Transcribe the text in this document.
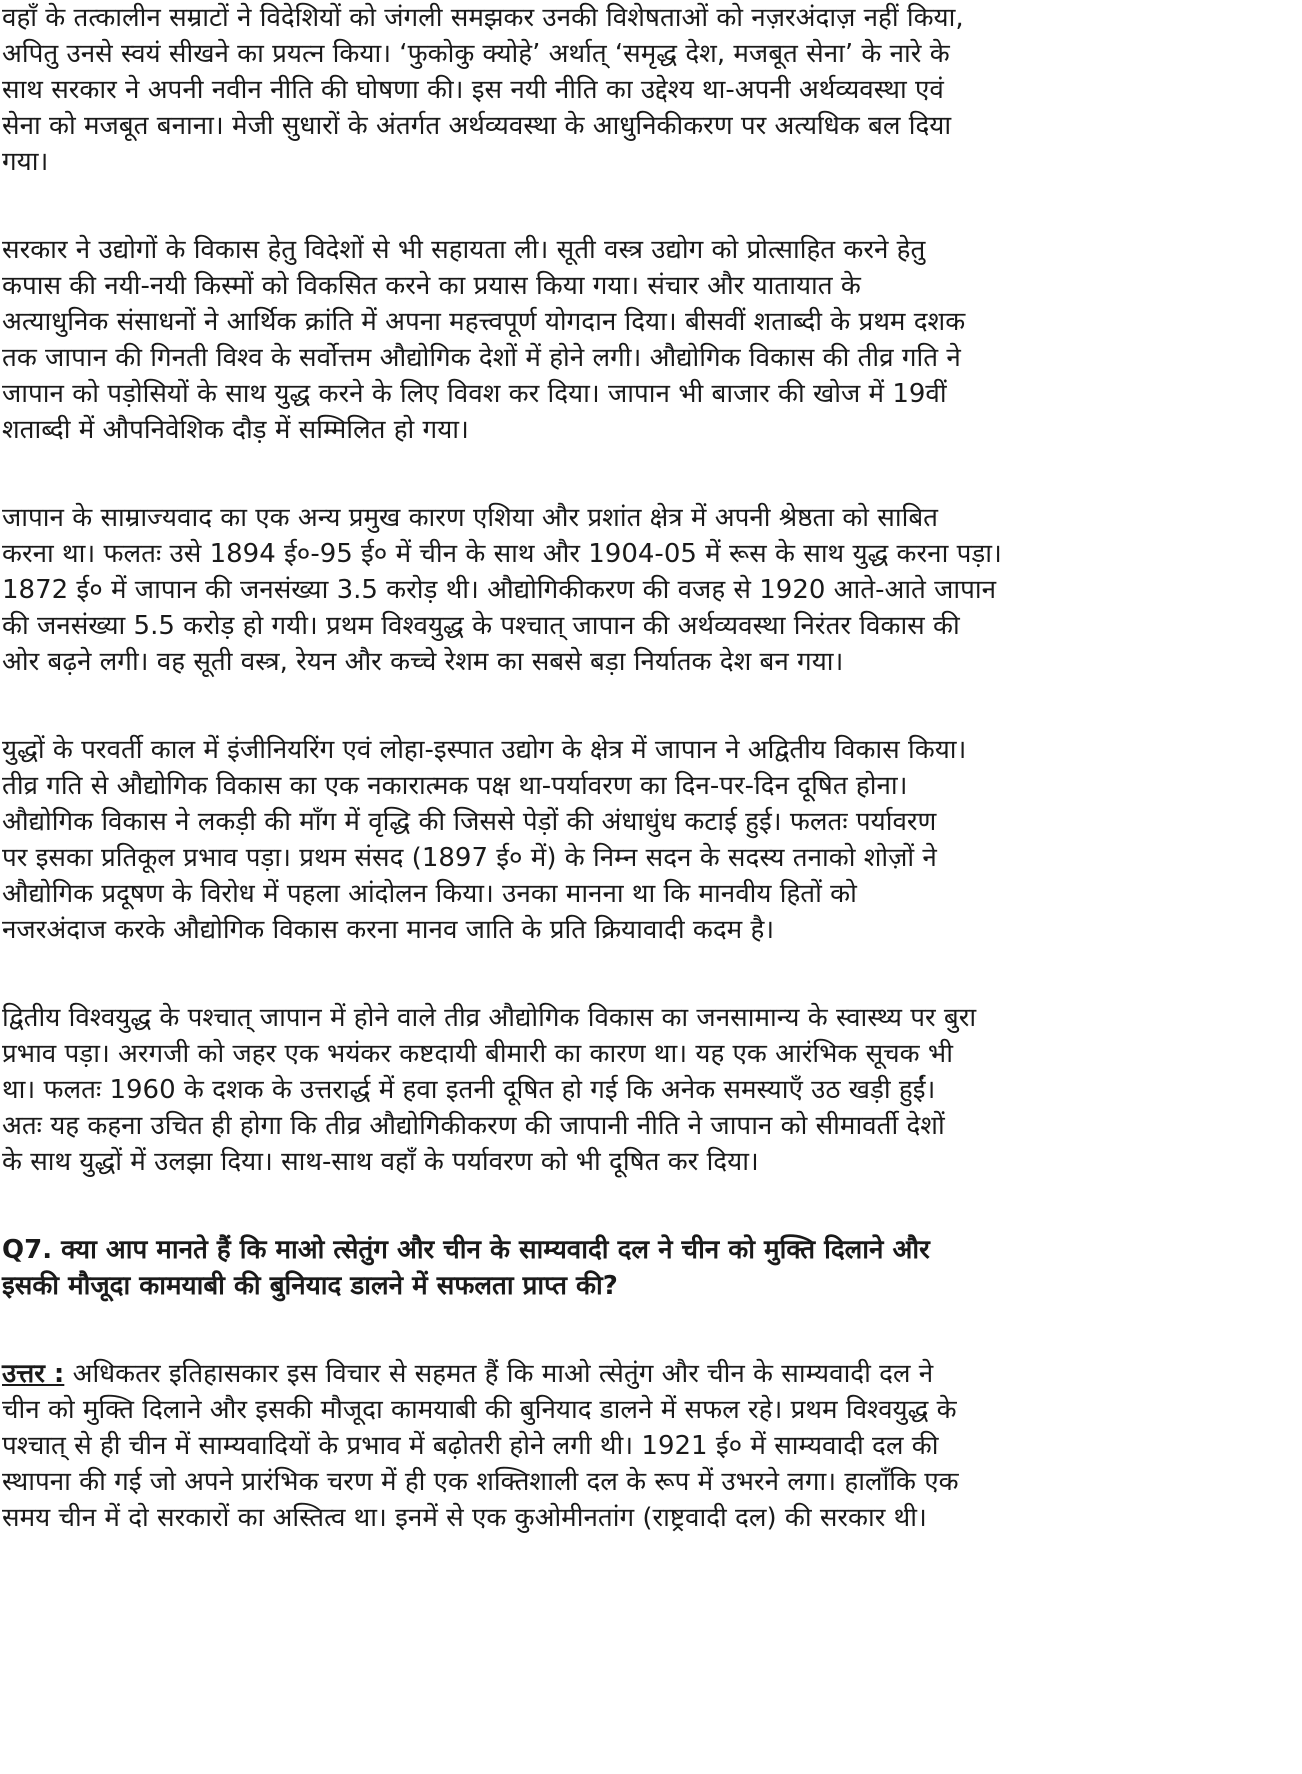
वहाँ के तत्कालीन सम्राटों ने विदेशियों को जंगली समझकर उनकी विशेषताओं को नज़रअंदाज़ नहीं किया,
अपितु उनसे स्वयं सीखने का प्रयत्न किया। ‘फुकोकु क्योहे’ अर्थात् ‘समृद्ध देश, मजबूत सेना’ के नारे के
साथ सरकार ने अपनी नवीन नीति की घोषणा की। इस नयी नीति का उद्देश्य था-अपनी अर्थव्यवस्था एवं
सेना को मजबूत बनाना। मेजी सुधारों के अंतर्गत अर्थव्यवस्था के आधुनिकीकरण पर अत्यधिक बल दिया
गया।
सरकार ने उद्योगों के विकास हेतु विदेशों से भी सहायता ली। सूती वस्त्र उद्योग को प्रोत्साहित करने हेतु
कपास की नयी-नयी किस्मों को विकसित करने का प्रयास किया गया। संचार और यातायात के
अत्याधुनिक संसाधनों ने आर्थिक क्रांति में अपना महत्त्वपूर्ण योगदान दिया। बीसवीं शताब्दी के प्रथम दशक
तक जापान की गिनती विश्व के सर्वोत्तम औद्योगिक देशों में होने लगी। औद्योगिक विकास की तीव्र गति ने
जापान को पड़ोसियों के साथ युद्ध करने के लिए विवश कर दिया। जापान भी बाजार की खोज में 19वीं
शताब्दी में औपनिवेशिक दौड़ में सम्मिलित हो गया।
जापान के साम्राज्यवाद का एक अन्य प्रमुख कारण एशिया और प्रशांत क्षेत्र में अपनी श्रेष्ठता को साबित
करना था। फलतः उसे 1894 ई०-95 ई० में चीन के साथ और 1904-05 में रूस के साथ युद्ध करना पड़ा।
1872 ई० में जापान की जनसंख्या 3.5 करोड़ थी। औद्योगिकीकरण की वजह से 1920 आते-आते जापान
की जनसंख्या 5.5 करोड़ हो गयी। प्रथम विश्वयुद्ध के पश्चात् जापान की अर्थव्यवस्था निरंतर विकास की
ओर बढ़ने लगी। वह सूती वस्त्र, रेयन और कच्चे रेशम का सबसे बड़ा निर्यातक देश बन गया।
युद्धों के परवर्ती काल में इंजीनियरिंग एवं लोहा-इस्पात उद्योग के क्षेत्र में जापान ने अद्वितीय विकास किया।
तीव्र गति से औद्योगिक विकास का एक नकारात्मक पक्ष था-पर्यावरण का दिन-पर-दिन दूषित होना।
औद्योगिक विकास ने लकड़ी की माँग में वृद्धि की जिससे पेड़ों की अंधाधुंध कटाई हुई। फलतः पर्यावरण
पर इसका प्रतिकूल प्रभाव पड़ा। प्रथम संसद (1897 ई० में) के निम्न सदन के सदस्य तनाको शोज़ों ने
औद्योगिक प्रदूषण के विरोध में पहला आंदोलन किया। उनका मानना था कि मानवीय हितों को
नजरअंदाज करके औद्योगिक विकास करना मानव जाति के प्रति क्रियावादी कदम है।
द्वितीय विश्वयुद्ध के पश्चात् जापान में होने वाले तीव्र औद्योगिक विकास का जनसामान्य के स्वास्थ्य पर बुरा
प्रभाव पड़ा। अरगजी को जहर एक भयंकर कष्टदायी बीमारी का कारण था। यह एक आरंभिक सूचक भी
था। फलतः 1960 के दशक के उत्तरार्द्ध में हवा इतनी दूषित हो गई कि अनेक समस्याएँ उठ खड़ी हुईं।
अतः यह कहना उचित ही होगा कि तीव्र औद्योगिकीकरण की जापानी नीति ने जापान को सीमावर्ती देशों
के साथ युद्धों में उलझा दिया। साथ-साथ वहाँ के पर्यावरण को भी दूषित कर दिया।
Q7. क्या आप मानते हैं कि माओ त्सेतुंग और चीन के साम्यवादी दल ने चीन को मुक्ति दिलाने और
इसकी मौजूदा कामयाबी की बुनियाद डालने में सफलता प्राप्त की?
उत्तर : अधिकतर इतिहासकार इस विचार से सहमत हैं कि माओ त्सेतुंग और चीन के साम्यवादी दल ने
चीन को मुक्ति दिलाने और इसकी मौजूदा कामयाबी की बुनियाद डालने में सफल रहे। प्रथम विश्वयुद्ध के
पश्चात् से ही चीन में साम्यवादियों के प्रभाव में बढ़ोतरी होने लगी थी। 1921 ई० में साम्यवादी दल की
स्थापना की गई जो अपने प्रारंभिक चरण में ही एक शक्तिशाली दल के रूप में उभरने लगा। हालाँकि एक
समय चीन में दो सरकारों का अस्तित्व था। इनमें से एक कुओमीनतांग (राष्ट्रवादी दल) की सरकार थी।
